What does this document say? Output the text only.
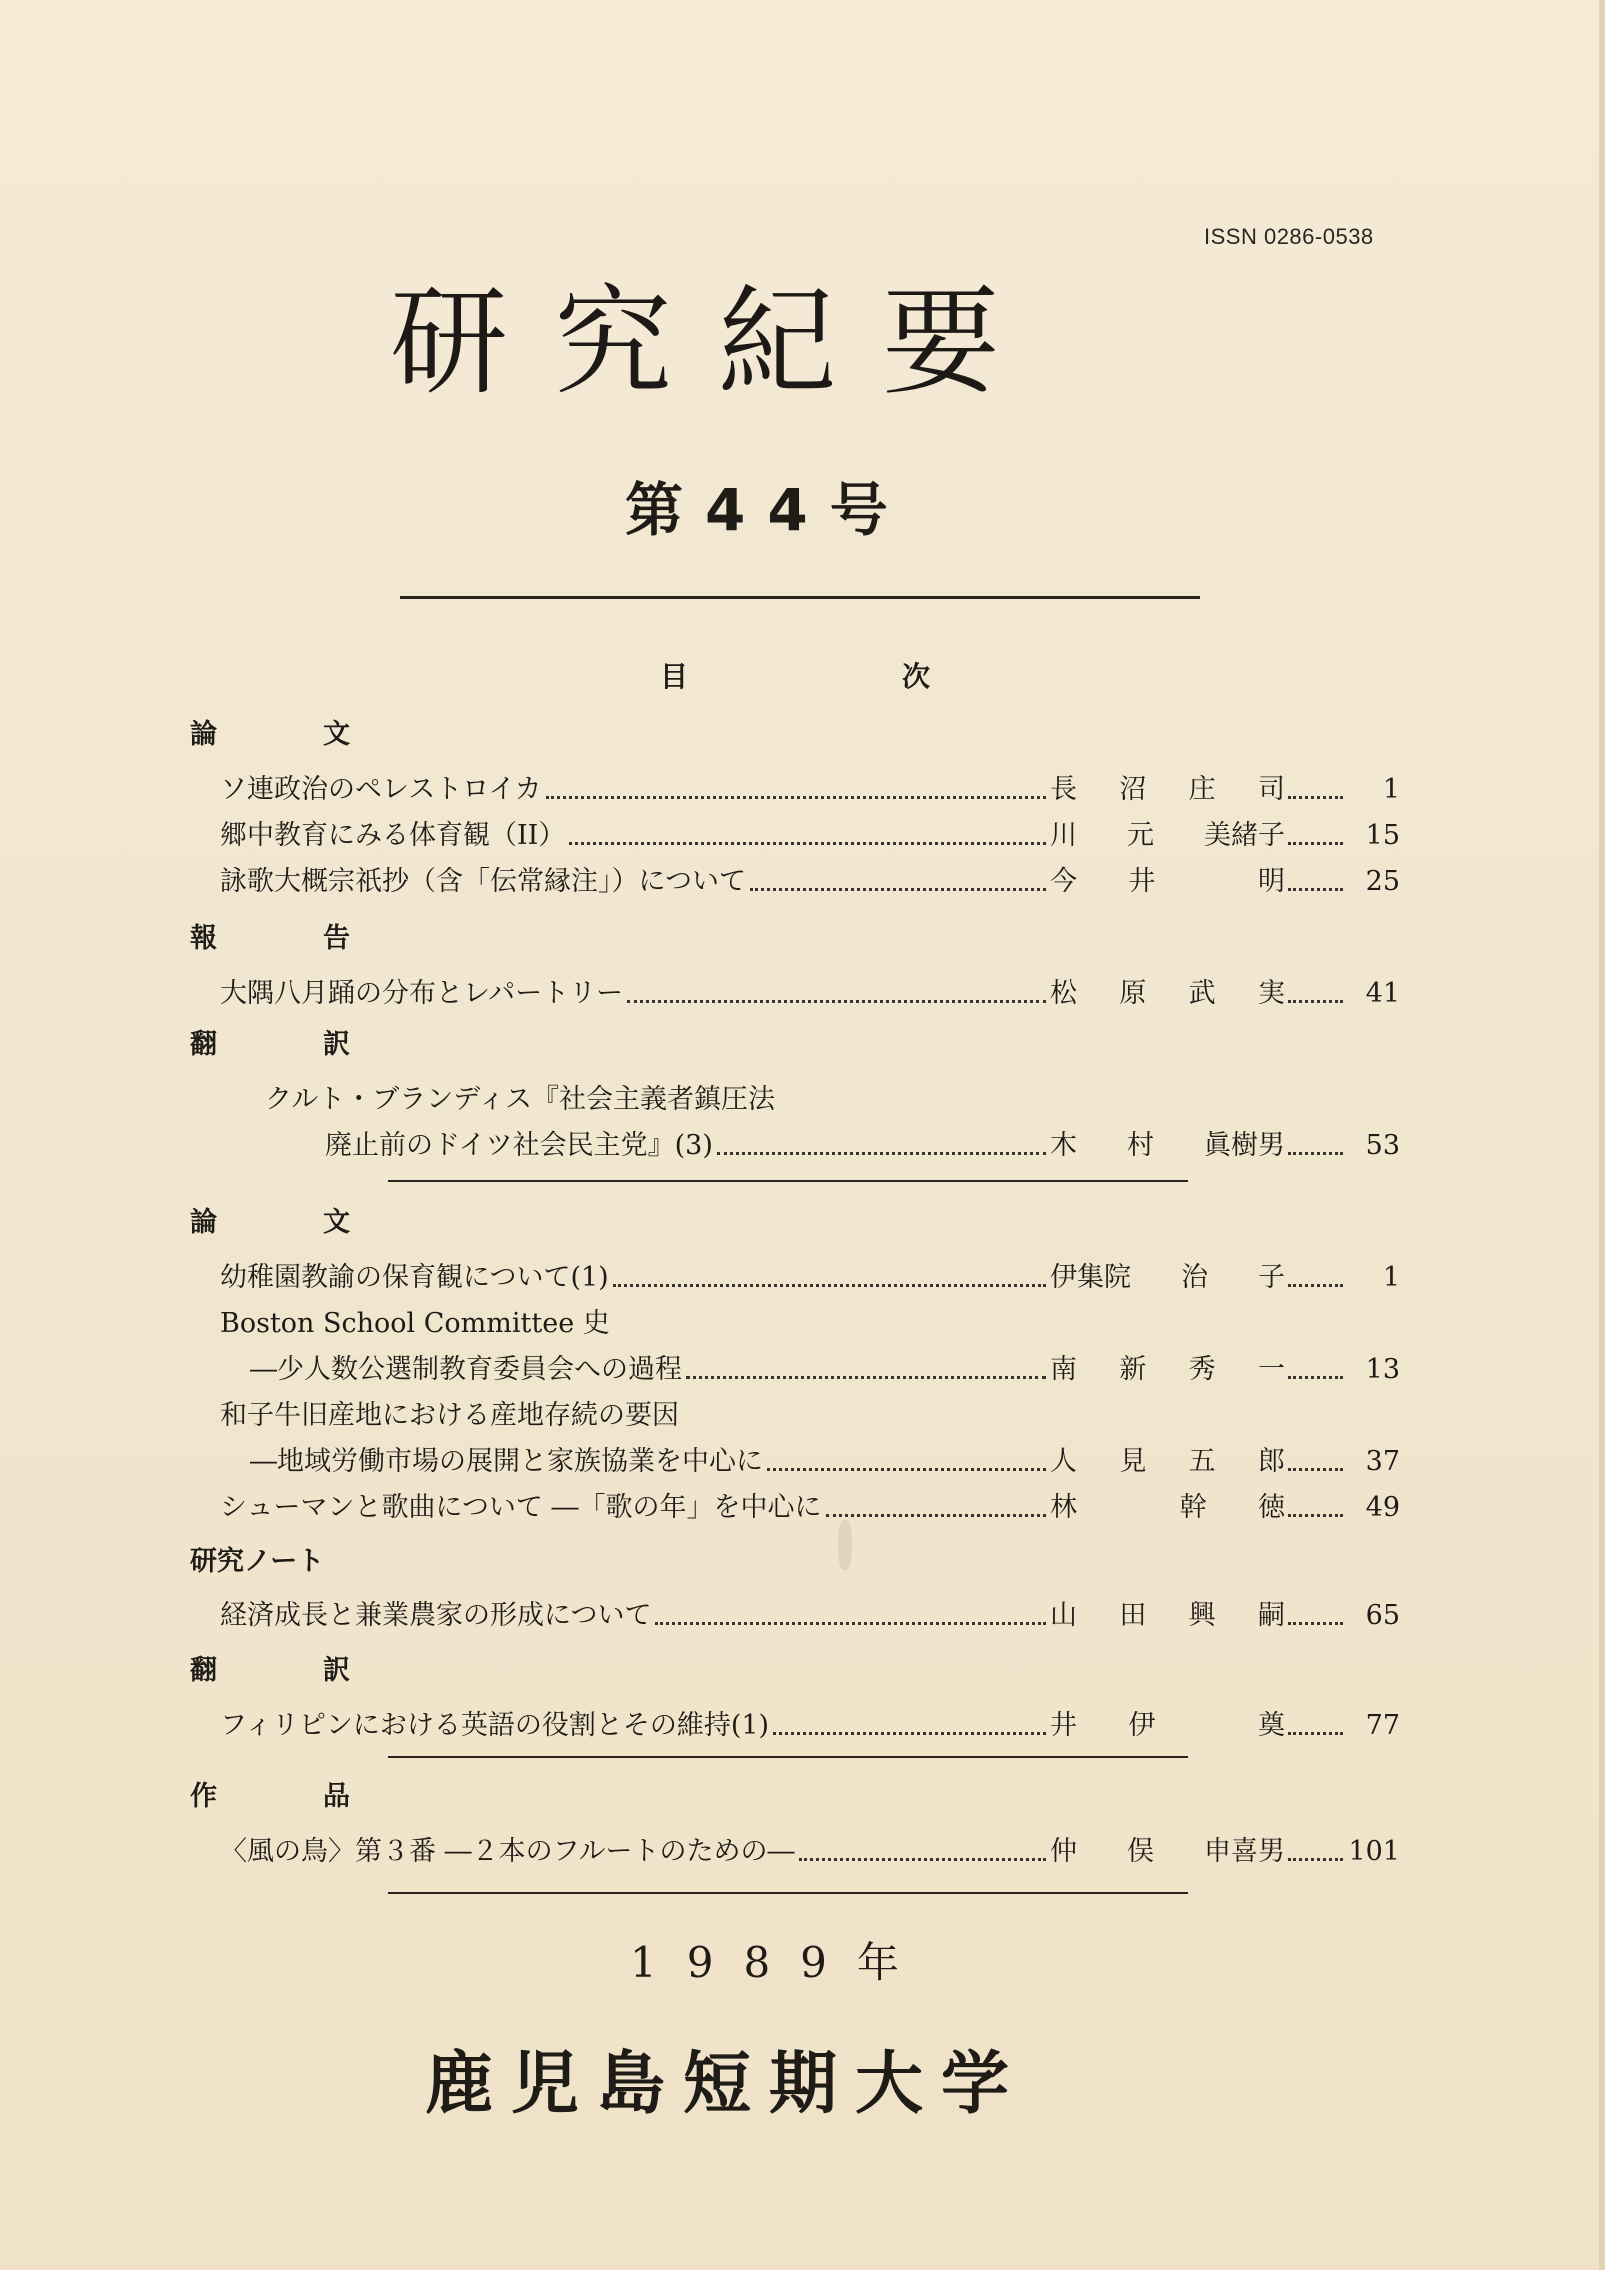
ISSN 0286-0538
研究紀要
第44号
目	次
論	文
ソ連政治のペレストロイカ	長 沼 庄 司	1
郷中教育にみる体育観（II）	川 元 美緒子	15
詠歌大概宗祇抄（含「伝常縁注」）について	今 井	明	25
報	告
大隅八月踊の分布とレパートリー	松 原 武 実	41
翻	訳
クルト・ブランディス『社会主義者鎮圧法
廃止前のドイツ社会民主党』(3)	木 村 眞樹男	53
論	文
幼稚園教諭の保育観について(1)	伊集院 治 子	1
Boston School Committee 史
―少人数公選制教育委員会への過程	南 新 秀 一	13
和子牛旧産地における産地存続の要因
―地域労働市場の展開と家族協業を中心に	人 見 五 郎	37
シューマンと歌曲について ―「歌の年」を中心に	林	幹 徳	49
研究ノート
経済成長と兼業農家の形成について	山 田 興 嗣	65
翻	訳
フィリピンにおける英語の役割とその維持(1)	井 伊	奠	77
作	品
〈風の鳥〉第３番 ―２本のフルートのための―	仲 俣 申喜男 101
1989年
鹿児島短期大学
